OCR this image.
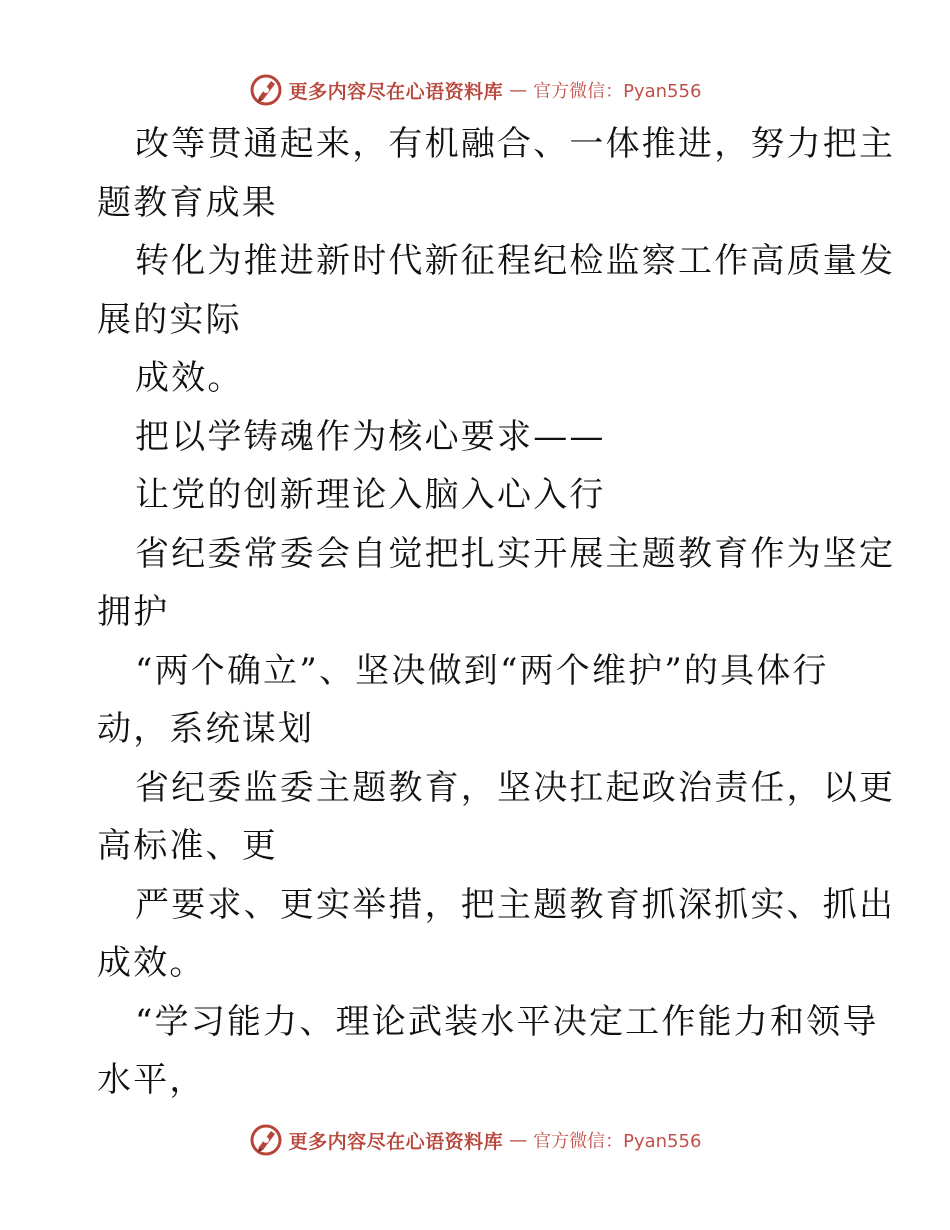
更多内容尽在心语资料库 — 官方微信：Pyan556
改等贯通起来，有机融合、一体推进，努力把主
题教育成果
转化为推进新时代新征程纪检监察工作高质量发
展的实际
成效。
把以学铸魂作为核心要求——
让党的创新理论入脑入心入行
省纪委常委会自觉把扎实开展主题教育作为坚定
拥护
“两个确立”、坚决做到“两个维护”的具体行
动，系统谋划
省纪委监委主题教育，坚决扛起政治责任，以更
高标准、更
严要求、更实举措，把主题教育抓深抓实、抓出
成效。
“学习能力、理论武装水平决定工作能力和领导
水平，
更多内容尽在心语资料库 — 官方微信：Pyan556
